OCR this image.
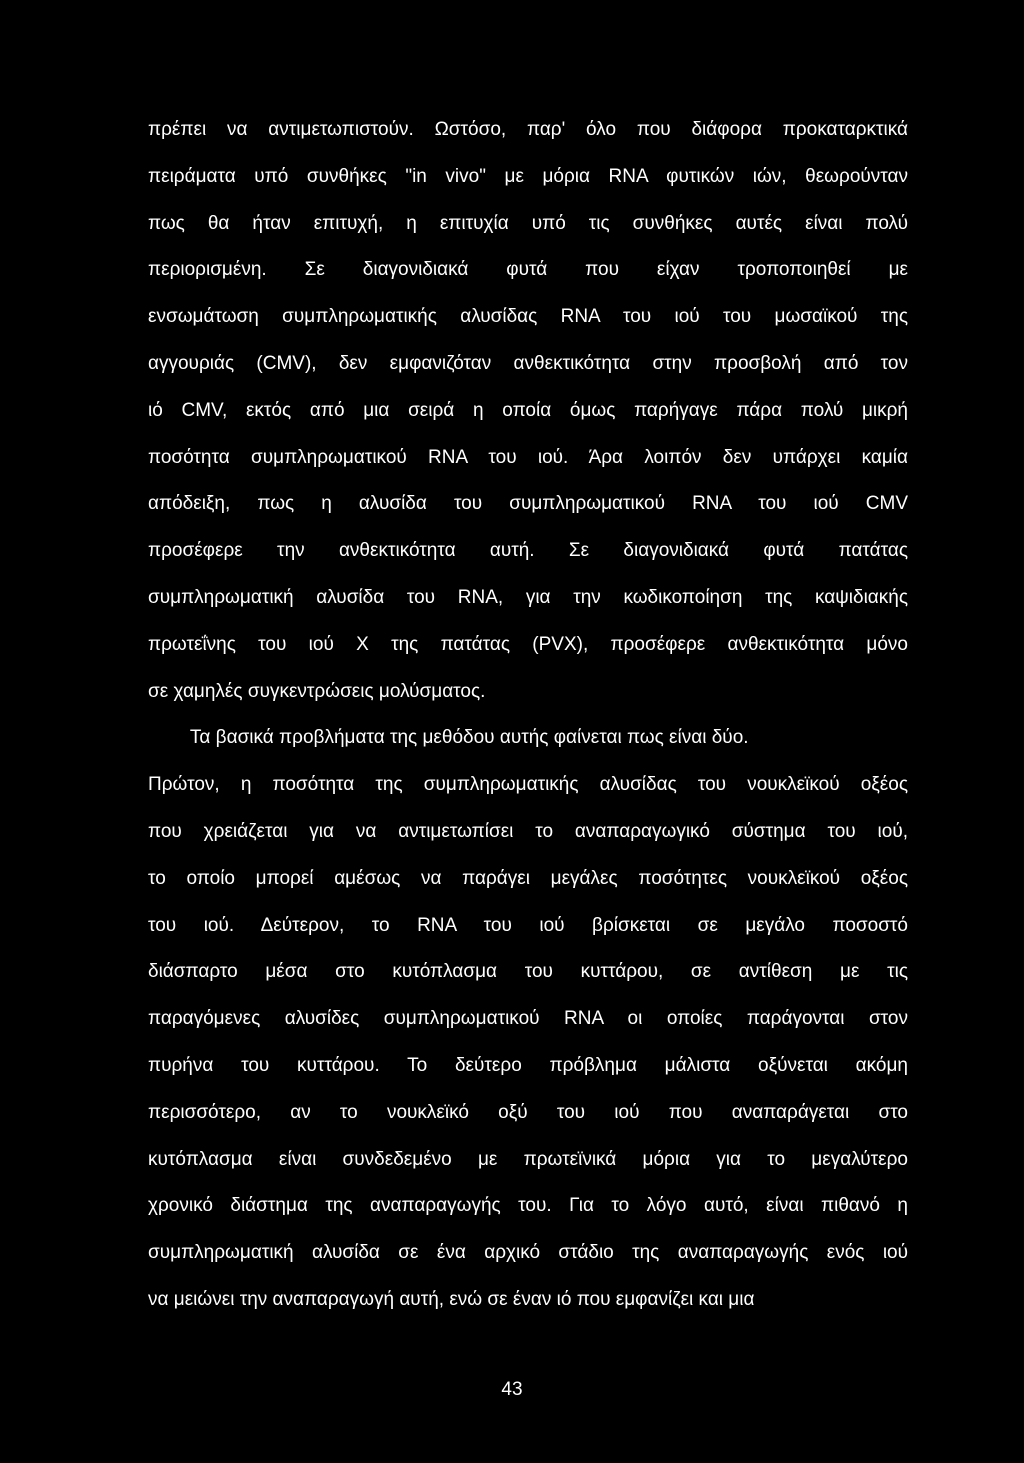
πρέπει να αντιμετωπιστούν. Ωστόσο, παρ' όλο που διάφορα προκαταρκτικά
πειράματα υπό συνθήκες "in vivo" με μόρια RNA φυτικών ιών, θεωρούνταν
πως θα ήταν επιτυχή, η επιτυχία υπό τις συνθήκες αυτές είναι πολύ
περιορισμένη. Σε διαγονιδιακά φυτά που είχαν τροποποιηθεί με
ενσωμάτωση συμπληρωματικής αλυσίδας RNA του ιού του μωσαϊκού της
αγγουριάς (CMV), δεν εμφανιζόταν ανθεκτικότητα στην προσβολή από τον
ιό CMV, εκτός από μια σειρά η οποία όμως παρήγαγε πάρα πολύ μικρή
ποσότητα συμπληρωματικού RNA του ιού. Άρα λοιπόν δεν υπάρχει καμία
απόδειξη, πως η αλυσίδα του συμπληρωματικού RNA του ιού CMV
προσέφερε την ανθεκτικότητα αυτή. Σε διαγονιδιακά φυτά πατάτας
συμπληρωματική αλυσίδα του RNA, για την κωδικοποίηση της καψιδιακής
πρωτεΐνης του ιού Χ της πατάτας (PVX), προσέφερε ανθεκτικότητα μόνο
σε χαμηλές συγκεντρώσεις μολύσματος.
Τα βασικά προβλήματα της μεθόδου αυτής φαίνεται πως είναι δύο.
Πρώτον, η ποσότητα της συμπληρωματικής αλυσίδας του νουκλεϊκού οξέος
που χρειάζεται για να αντιμετωπίσει το αναπαραγωγικό σύστημα του ιού,
το οποίο μπορεί αμέσως να παράγει μεγάλες ποσότητες νουκλεϊκού οξέος
του ιού. Δεύτερον, το RNA του ιού βρίσκεται σε μεγάλο ποσοστό
διάσπαρτο μέσα στο κυτόπλασμα του κυττάρου, σε αντίθεση με τις
παραγόμενες αλυσίδες συμπληρωματικού RNA οι οποίες παράγονται στον
πυρήνα του κυττάρου. Το δεύτερο πρόβλημα μάλιστα οξύνεται ακόμη
περισσότερο, αν το νουκλεϊκό οξύ του ιού που αναπαράγεται στο
κυτόπλασμα είναι συνδεδεμένο με πρωτεϊνικά μόρια για το μεγαλύτερο
χρονικό διάστημα της αναπαραγωγής του. Για το λόγο αυτό, είναι πιθανό η
συμπληρωματική αλυσίδα σε ένα αρχικό στάδιο της αναπαραγωγής ενός ιού
να μειώνει την αναπαραγωγή αυτή, ενώ σε έναν ιό που εμφανίζει και μια
43
